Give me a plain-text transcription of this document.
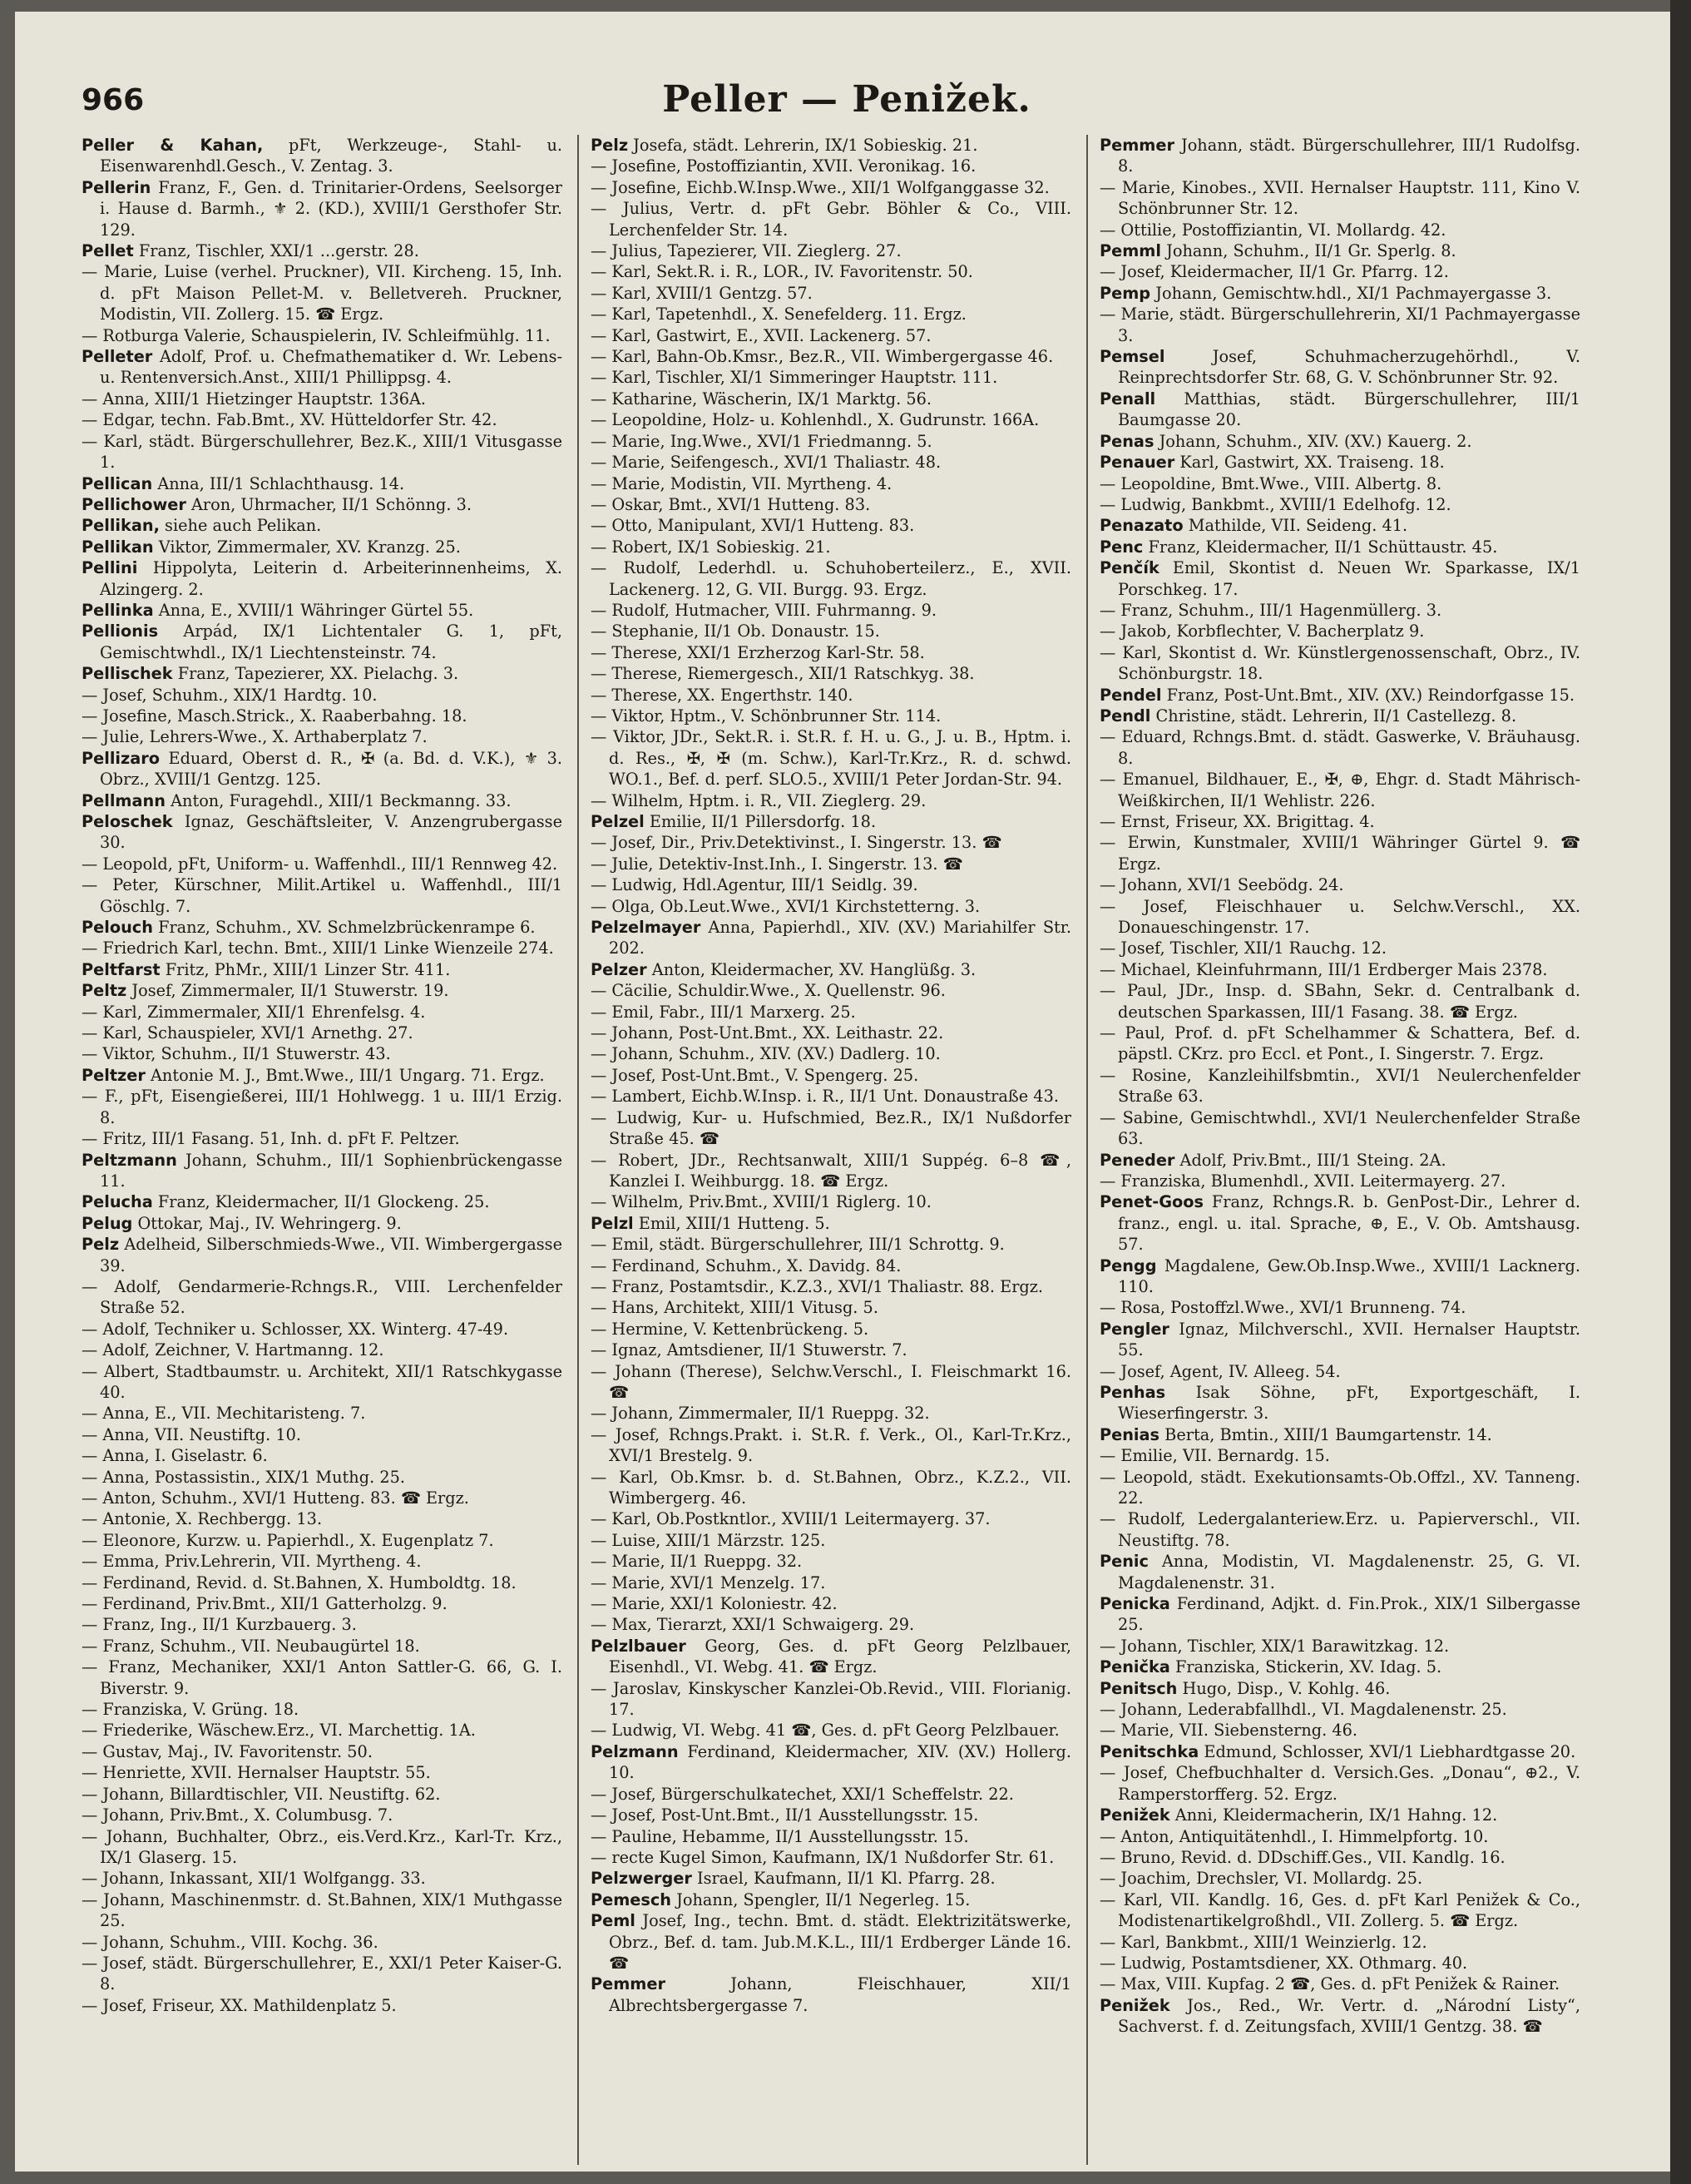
966	Peller — Penižek.

Peller & Kahan, pFt, Werkzeuge-, Stahl- u. Eisenwarenhdl.Gesch., V. Zentag. 3.

Pellerin Franz, F., Gen. d. Trinitarier-Ordens, Seelsorger i. Hause d. Barmh., ⚜ 2. (KD.), XVIII/1 Gersthofer Str. 129.

Pellet Franz, Tischler, XXI/1 ...gerstr. 28.

— Marie, Luise (verhel. Pruckner), VII. Kircheng. 15, Inh. d. pFt Maison Pellet-M. v. Belletvereh. Pruckner, Modistin, VII. Zollerg. 15. ☎ Ergz.

— Rotburga Valerie, Schauspielerin, IV. Schleifmühlg. 11.

Pelleter Adolf, Prof. u. Chefmathematiker d. Wr. Lebens- u. Rentenversich.Anst., XIII/1 Phillippsg. 4.

— Anna, XIII/1 Hietzinger Hauptstr. 136A.

— Edgar, techn. Fab.Bmt., XV. Hütteldorfer Str. 42.

— Karl, städt. Bürgerschullehrer, Bez.K., XIII/1 Vitusgasse 1.

Pellican Anna, III/1 Schlachthausg. 14.

Pellichower Aron, Uhrmacher, II/1 Schönng. 3.

Pellikan, siehe auch Pelikan.

Pellikan Viktor, Zimmermaler, XV. Kranzg. 25.

Pellini Hippolyta, Leiterin d. Arbeiterinnenheims, X. Alzingerg. 2.

Pellinka Anna, E., XVIII/1 Währinger Gürtel 55.

Pellionis Arpád, IX/1 Lichtentaler G. 1, pFt, Gemischtwhdl., IX/1 Liechtensteinstr. 74.

Pellischek Franz, Tapezierer, XX. Pielachg. 3.

— Josef, Schuhm., XIX/1 Hardtg. 10.

— Josefine, Masch.Strick., X. Raaberbahng. 18.

— Julie, Lehrers-Wwe., X. Arthaberplatz 7.

Pellizaro Eduard, Oberst d. R., ✠ (a. Bd. d. V.K.), ⚜ 3. Obrz., XVIII/1 Gentzg. 125.

Pellmann Anton, Furagehdl., XIII/1 Beckmanng. 33.

Peloschek Ignaz, Geschäftsleiter, V. Anzengrubergasse 30.

— Leopold, pFt, Uniform- u. Waffenhdl., III/1 Rennweg 42.

— Peter, Kürschner, Milit.Artikel u. Waffenhdl., III/1 Göschlg. 7.

Pelouch Franz, Schuhm., XV. Schmelzbrückenrampe 6.

— Friedrich Karl, techn. Bmt., XIII/1 Linke Wienzeile 274.

Peltfarst Fritz, PhMr., XIII/1 Linzer Str. 411.

Peltz Josef, Zimmermaler, II/1 Stuwerstr. 19.

— Karl, Zimmermaler, XII/1 Ehrenfelsg. 4.

— Karl, Schauspieler, XVI/1 Arnethg. 27.

— Viktor, Schuhm., II/1 Stuwerstr. 43.

Peltzer Antonie M. J., Bmt.Wwe., III/1 Ungarg. 71. Ergz.

— F., pFt, Eisengießerei, III/1 Hohlwegg. 1 u. III/1 Erzig. 8.

— Fritz, III/1 Fasang. 51, Inh. d. pFt F. Peltzer.

Peltzmann Johann, Schuhm., III/1 Sophienbrückengasse 11.

Pelucha Franz, Kleidermacher, II/1 Glockeng. 25.

Pelug Ottokar, Maj., IV. Wehringerg. 9.

Pelz Adelheid, Silberschmieds-Wwe., VII. Wimbergergasse 39.

— Adolf, Gendarmerie-Rchngs.R., VIII. Lerchenfelder Straße 52.

— Adolf, Techniker u. Schlosser, XX. Winterg. 47-49.

— Adolf, Zeichner, V. Hartmanng. 12.

— Albert, Stadtbaumstr. u. Architekt, XII/1 Ratschkygasse 40.

— Anna, E., VII. Mechitaristeng. 7.

— Anna, VII. Neustiftg. 10.

— Anna, I. Giselastr. 6.

— Anna, Postassistin., XIX/1 Muthg. 25.

— Anton, Schuhm., XVI/1 Hutteng. 83. ☎ Ergz.

— Antonie, X. Rechbergg. 13.

— Eleonore, Kurzw. u. Papierhdl., X. Eugenplatz 7.

— Emma, Priv.Lehrerin, VII. Myrtheng. 4.

— Ferdinand, Revid. d. St.Bahnen, X. Humboldtg. 18.

— Ferdinand, Priv.Bmt., XII/1 Gatterholzg. 9.

— Franz, Ing., II/1 Kurzbauerg. 3.

— Franz, Schuhm., VII. Neubaugürtel 18.

— Franz, Mechaniker, XXI/1 Anton Sattler-G. 66, G. I. Biverstr. 9.

— Franziska, V. Grüng. 18.

— Friederike, Wäschew.Erz., VI. Marchettig. 1A.

— Gustav, Maj., IV. Favoritenstr. 50.

— Henriette, XVII. Hernalser Hauptstr. 55.

— Johann, Billardtischler, VII. Neustiftg. 62.

— Johann, Priv.Bmt., X. Columbusg. 7.

— Johann, Buchhalter, Obrz., eis.Verd.Krz., Karl-Tr. Krz., IX/1 Glaserg. 15.

— Johann, Inkassant, XII/1 Wolfgangg. 33.

— Johann, Maschinenmstr. d. St.Bahnen, XIX/1 Muthgasse 25.

— Johann, Schuhm., VIII. Kochg. 36.

— Josef, städt. Bürgerschullehrer, E., XXI/1 Peter Kaiser-G. 8.

— Josef, Friseur, XX. Mathildenplatz 5.

Pelz Josefa, städt. Lehrerin, IX/1 Sobieskig. 21.

— Josefine, Postoffiziantin, XVII. Veronikag. 16.

— Josefine, Eichb.W.Insp.Wwe., XII/1 Wolfganggasse 32.

— Julius, Vertr. d. pFt Gebr. Böhler & Co., VIII. Lerchenfelder Str. 14.

— Julius, Tapezierer, VII. Zieglerg. 27.

— Karl, Sekt.R. i. R., LOR., IV. Favoritenstr. 50.

— Karl, XVIII/1 Gentzg. 57.

— Karl, Tapetenhdl., X. Senefelderg. 11. Ergz.

— Karl, Gastwirt, E., XVII. Lackenerg. 57.

— Karl, Bahn-Ob.Kmsr., Bez.R., VII. Wimbergergasse 46.

— Karl, Tischler, XI/1 Simmeringer Hauptstr. 111.

— Katharine, Wäscherin, IX/1 Marktg. 56.

— Leopoldine, Holz- u. Kohlenhdl., X. Gudrunstr. 166A.

— Marie, Ing.Wwe., XVI/1 Friedmanng. 5.

— Marie, Seifengesch., XVI/1 Thaliastr. 48.

— Marie, Modistin, VII. Myrtheng. 4.

— Oskar, Bmt., XVI/1 Hutteng. 83.

— Otto, Manipulant, XVI/1 Hutteng. 83.

— Robert, IX/1 Sobieskig. 21.

— Rudolf, Lederhdl. u. Schuhoberteilerz., E., XVII. Lackenerg. 12, G. VII. Burgg. 93. Ergz.

— Rudolf, Hutmacher, VIII. Fuhrmanng. 9.

— Stephanie, II/1 Ob. Donaustr. 15.

— Therese, XXI/1 Erzherzog Karl-Str. 58.

— Therese, Riemergesch., XII/1 Ratschkyg. 38.

— Therese, XX. Engerthstr. 140.

— Viktor, Hptm., V. Schönbrunner Str. 114.

— Viktor, JDr., Sekt.R. i. St.R. f. H. u. G., J. u. B., Hptm. i. d. Res., ✠, ✠ (m. Schw.), Karl-Tr.Krz., R. d. schwd. WO.1., Bef. d. perf. SLO.5., XVIII/1 Peter Jordan-Str. 94.

— Wilhelm, Hptm. i. R., VII. Zieglerg. 29.

Pelzel Emilie, II/1 Pillersdorfg. 18.

— Josef, Dir., Priv.Detektivinst., I. Singerstr. 13. ☎

— Julie, Detektiv-Inst.Inh., I. Singerstr. 13. ☎

— Ludwig, Hdl.Agentur, III/1 Seidlg. 39.

— Olga, Ob.Leut.Wwe., XVI/1 Kirchstetterng. 3.

Pelzelmayer Anna, Papierhdl., XIV. (XV.) Mariahilfer Str. 202.

Pelzer Anton, Kleidermacher, XV. Hanglüßg. 3.

— Cäcilie, Schuldir.Wwe., X. Quellenstr. 96.

— Emil, Fabr., III/1 Marxerg. 25.

— Johann, Post-Unt.Bmt., XX. Leithastr. 22.

— Johann, Schuhm., XIV. (XV.) Dadlerg. 10.

— Josef, Post-Unt.Bmt., V. Spengerg. 25.

— Lambert, Eichb.W.Insp. i. R., II/1 Unt. Donaustraße 43.

— Ludwig, Kur- u. Hufschmied, Bez.R., IX/1 Nußdorfer Straße 45. ☎

— Robert, JDr., Rechtsanwalt, XIII/1 Suppég. 6–8 ☎, Kanzlei I. Weihburgg. 18. ☎ Ergz.

— Wilhelm, Priv.Bmt., XVIII/1 Riglerg. 10.

Pelzl Emil, XIII/1 Hutteng. 5.

— Emil, städt. Bürgerschullehrer, III/1 Schrottg. 9.

— Ferdinand, Schuhm., X. Davidg. 84.

— Franz, Postamtsdir., K.Z.3., XVI/1 Thaliastr. 88. Ergz.

— Hans, Architekt, XIII/1 Vitusg. 5.

— Hermine, V. Kettenbrückeng. 5.

— Ignaz, Amtsdiener, II/1 Stuwerstr. 7.

— Johann (Therese), Selchw.Verschl., I. Fleischmarkt 16. ☎

— Johann, Zimmermaler, II/1 Rueppg. 32.

— Josef, Rchngs.Prakt. i. St.R. f. Verk., Ol., Karl-Tr.Krz., XVI/1 Brestelg. 9.

— Karl, Ob.Kmsr. b. d. St.Bahnen, Obrz., K.Z.2., VII. Wimbergerg. 46.

— Karl, Ob.Postkntlor., XVIII/1 Leitermayerg. 37.

— Luise, XIII/1 Märzstr. 125.

— Marie, II/1 Rueppg. 32.

— Marie, XVI/1 Menzelg. 17.

— Marie, XXI/1 Koloniestr. 42.

— Max, Tierarzt, XXI/1 Schwaigerg. 29.

Pelzlbauer Georg, Ges. d. pFt Georg Pelzlbauer, Eisenhdl., VI. Webg. 41. ☎ Ergz.

— Jaroslav, Kinskyscher Kanzlei-Ob.Revid., VIII. Florianig. 17.

— Ludwig, VI. Webg. 41 ☎, Ges. d. pFt Georg Pelzlbauer.

Pelzmann Ferdinand, Kleidermacher, XIV. (XV.) Hollerg. 10.

— Josef, Bürgerschulkatechet, XXI/1 Scheffelstr. 22.

— Josef, Post-Unt.Bmt., II/1 Ausstellungsstr. 15.

— Pauline, Hebamme, II/1 Ausstellungsstr. 15.

— recte Kugel Simon, Kaufmann, IX/1 Nußdorfer Str. 61.

Pelzwerger Israel, Kaufmann, II/1 Kl. Pfarrg. 28.

Pemesch Johann, Spengler, II/1 Negerleg. 15.

Peml Josef, Ing., techn. Bmt. d. städt. Elektrizitätswerke, Obrz., Bef. d. tam. Jub.M.K.L., III/1 Erdberger Lände 16. ☎

Pemmer Johann, Fleischhauer, XII/1 Albrechtsbergergasse 7.

Pemmer Johann, städt. Bürgerschullehrer, III/1 Rudolfsg. 8.

— Marie, Kinobes., XVII. Hernalser Hauptstr. 111, Kino V. Schönbrunner Str. 12.

— Ottilie, Postoffiziantin, VI. Mollardg. 42.

Pemml Johann, Schuhm., II/1 Gr. Sperlg. 8.

— Josef, Kleidermacher, II/1 Gr. Pfarrg. 12.

Pemp Johann, Gemischtw.hdl., XI/1 Pachmayergasse 3.

— Marie, städt. Bürgerschullehrerin, XI/1 Pachmayergasse 3.

Pemsel Josef, Schuhmacherzugehörhdl., V. Reinprechtsdorfer Str. 68, G. V. Schönbrunner Str. 92.

Penall Matthias, städt. Bürgerschullehrer, III/1 Baumgasse 20.

Penas Johann, Schuhm., XIV. (XV.) Kauerg. 2.

Penauer Karl, Gastwirt, XX. Traiseng. 18.

— Leopoldine, Bmt.Wwe., VIII. Albertg. 8.

— Ludwig, Bankbmt., XVIII/1 Edelhofg. 12.

Penazato Mathilde, VII. Seideng. 41.

Penc Franz, Kleidermacher, II/1 Schüttaustr. 45.

Penčík Emil, Skontist d. Neuen Wr. Sparkasse, IX/1 Porschkeg. 17.

— Franz, Schuhm., III/1 Hagenmüllerg. 3.

— Jakob, Korbflechter, V. Bacherplatz 9.

— Karl, Skontist d. Wr. Künstlergenossenschaft, Obrz., IV. Schönburgstr. 18.

Pendel Franz, Post-Unt.Bmt., XIV. (XV.) Reindorfgasse 15.

Pendl Christine, städt. Lehrerin, II/1 Castellezg. 8.

— Eduard, Rchngs.Bmt. d. städt. Gaswerke, V. Bräuhausg. 8.

— Emanuel, Bildhauer, E., ✠, ⊕, Ehgr. d. Stadt Mährisch-Weißkirchen, II/1 Wehlistr. 226.

— Ernst, Friseur, XX. Brigittag. 4.

— Erwin, Kunstmaler, XVIII/1 Währinger Gürtel 9. ☎ Ergz.

— Johann, XVI/1 Seebödg. 24.

— Josef, Fleischhauer u. Selchw.Verschl., XX. Donaueschingenstr. 17.

— Josef, Tischler, XII/1 Rauchg. 12.

— Michael, Kleinfuhrmann, III/1 Erdberger Mais 2378.

— Paul, JDr., Insp. d. SBahn, Sekr. d. Centralbank d. deutschen Sparkassen, III/1 Fasang. 38. ☎ Ergz.

— Paul, Prof. d. pFt Schelhammer & Schattera, Bef. d. päpstl. CKrz. pro Eccl. et Pont., I. Singerstr. 7. Ergz.

— Rosine, Kanzleihilfsbmtin., XVI/1 Neulerchenfelder Straße 63.

— Sabine, Gemischtwhdl., XVI/1 Neulerchenfelder Straße 63.

Peneder Adolf, Priv.Bmt., III/1 Steing. 2A.

— Franziska, Blumenhdl., XVII. Leitermayerg. 27.

Penet-Goos Franz, Rchngs.R. b. GenPost-Dir., Lehrer d. franz., engl. u. ital. Sprache, ⊕, E., V. Ob. Amtshausg. 57.

Pengg Magdalene, Gew.Ob.Insp.Wwe., XVIII/1 Lacknerg. 110.

— Rosa, Postoffzl.Wwe., XVI/1 Brunneng. 74.

Pengler Ignaz, Milchverschl., XVII. Hernalser Hauptstr. 55.

— Josef, Agent, IV. Alleeg. 54.

Penhas Isak Söhne, pFt, Exportgeschäft, I. Wieserfingerstr. 3.

Penias Berta, Bmtin., XIII/1 Baumgartenstr. 14.

— Emilie, VII. Bernardg. 15.

— Leopold, städt. Exekutionsamts-Ob.Offzl., XV. Tanneng. 22.

— Rudolf, Ledergalanteriew.Erz. u. Papierverschl., VII. Neustiftg. 78.

Penic Anna, Modistin, VI. Magdalenenstr. 25, G. VI. Magdalenenstr. 31.

Penicka Ferdinand, Adjkt. d. Fin.Prok., XIX/1 Silbergasse 25.

— Johann, Tischler, XIX/1 Barawitzkag. 12.

Penička Franziska, Stickerin, XV. Idag. 5.

Penitsch Hugo, Disp., V. Kohlg. 46.

— Johann, Lederabfallhdl., VI. Magdalenenstr. 25.

— Marie, VII. Siebensterng. 46.

Penitschka Edmund, Schlosser, XVI/1 Liebhardtgasse 20.

— Josef, Chefbuchhalter d. Versich.Ges. „Donau“, ⊕2., V. Ramperstorfferg. 52. Ergz.

Penižek Anni, Kleidermacherin, IX/1 Hahng. 12.

— Anton, Antiquitätenhdl., I. Himmelpfortg. 10.

— Bruno, Revid. d. DDschiff.Ges., VII. Kandlg. 16.

— Joachim, Drechsler, VI. Mollardg. 25.

— Karl, VII. Kandlg. 16, Ges. d. pFt Karl Penižek & Co., Modistenartikelgroßhdl., VII. Zollerg. 5. ☎ Ergz.

— Karl, Bankbmt., XIII/1 Weinzierlg. 12.

— Ludwig, Postamtsdiener, XX. Othmarg. 40.

— Max, VIII. Kupfag. 2 ☎, Ges. d. pFt Penižek & Rainer.

Penižek Jos., Red., Wr. Vertr. d. „Národní Listy“, Sachverst. f. d. Zeitungsfach, XVIII/1 Gentzg. 38. ☎
